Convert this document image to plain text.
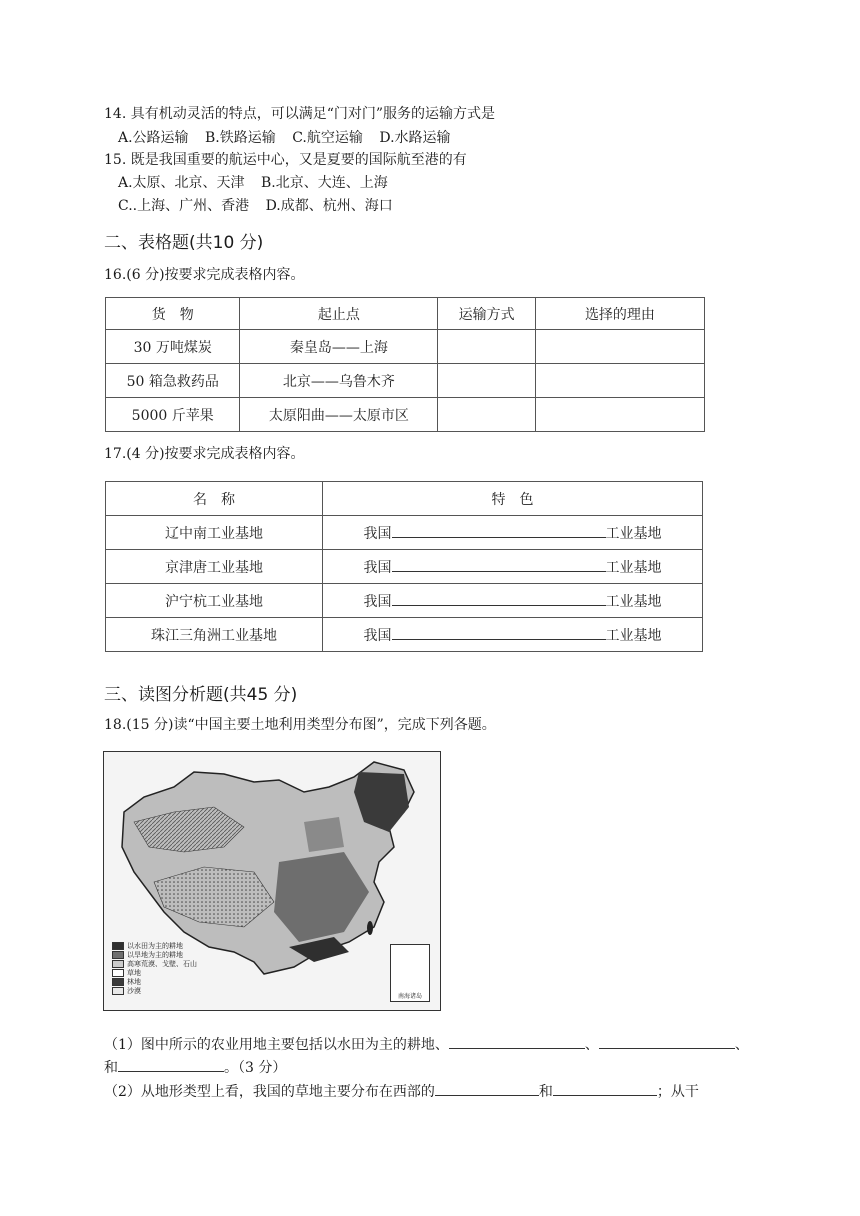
14. 具有机动灵活的特点，可以满足“门对门”服务的运输方式是
A.公路运输 B.铁路运输 C.航空运输 D.水路运输
15. 既是我国重要的航运中心，又是夏要的国际航至港的有
A.太原、北京、天津 B.北京、大连、上海
C..上海、广州、香港 D.成都、杭州、海口
二、表格题(共10 分)
16.(6 分)按要求完成表格内容。
货　物	起止点	运输方式	选择的理由
30 万吨煤炭	秦皇岛——上海		
50 箱急救药品	北京——乌鲁木齐		
5000 斤苹果	太原阳曲——太原市区		
17.(4 分)按要求完成表格内容。
名　称	特　色
辽中南工业基地	我国 工业基地
京津唐工业基地	我国 工业基地
沪宁杭工业基地	我国 工业基地
珠江三角洲工业基地	我国 工业基地
三、读图分析题(共45 分)
18.(15 分)读“中国主要土地利用类型分布图”，完成下列各题。
以水田为主的耕地
以旱地为主的耕地
高寒荒漠、戈壁、石山
草地
林地
沙漠
南海诸岛
（1）图中所示的农业用地主要包括以水田为主的耕地、	、	、
和	。（3 分）
（2）从地形类型上看，我国的草地主要分布在西部的	和	；从干
